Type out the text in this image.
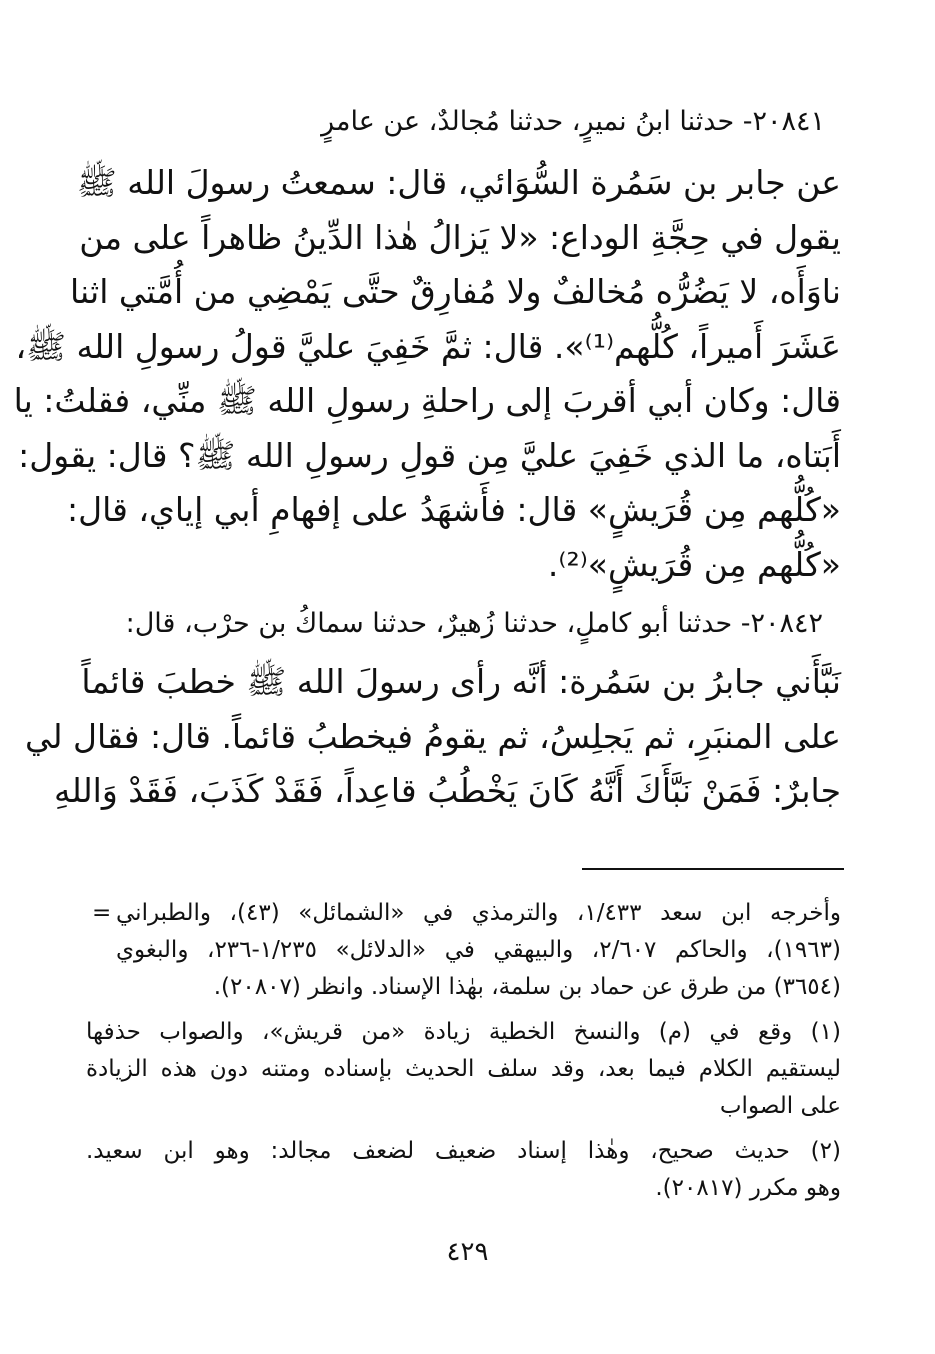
٢٠٨٤١- حدثنا ابنُ نميرٍ، حدثنا مُجالدٌ، عن عامرٍ
عن جابر بن سَمُرة السُّوَائي، قال: سمعتُ رسولَ الله ﷺ
يقول في حِجَّةِ الوداع: «لا يَزالُ هٰذا الدِّينُ ظاهراً على من
ناوَأَه، لا يَضُرُّه مُخالفٌ ولا مُفارِقٌ حتَّى يَمْضِي من أُمَّتي اثنا
عَشَرَ أَميراً، كُلُّهم⁽¹⁾». قال: ثمَّ خَفِيَ عليَّ قولُ رسولِ الله ﷺ،
قال: وكان أبي أقربَ إلى راحلةِ رسولِ الله ﷺ منِّي، فقلتُ: يا
أَبَتاه، ما الذي خَفِيَ عليَّ مِن قولِ رسولِ الله ﷺ؟ قال: يقول:
«كُلُّهم مِن قُرَيشٍ» قال: فأَشهَدُ على إفهامِ أبي إياي، قال:
«كُلُّهم مِن قُرَيشٍ»⁽²⁾.
٢٠٨٤٢- حدثنا أبو كاملٍ، حدثنا زُهيرٌ، حدثنا سماكُ بن حرْب، قال:
نَبَّأَني جابرُ بن سَمُرة: أنَّه رأى رسولَ الله ﷺ خطبَ قائماً
على المنبَرِ، ثم يَجلِسُ، ثم يقومُ فيخطبُ قائماً. قال: فقال لي
جابرٌ: فَمَنْ نَبَّأَكَ أَنَّهُ كَانَ يَخْطُبُ قاعِداً، فَقَدْ كَذَبَ، فَقَدْ وَاللهِ
= وأخرجه ابن سعد ١/٤٣٣، والترمذي في «الشمائل» (٤٣)، والطبراني
(١٩٦٣)، والحاكم ٢/٦٠٧، والبيهقي في «الدلائل» ١/٢٣٥-٢٣٦، والبغوي
(٣٦٥٤) من طرق عن حماد بن سلمة، بهٰذا الإسناد. وانظر (٢٠٨٠٧).
(١) وقع في (م) والنسخ الخطية زيادة «من قريش»، والصواب حذفها
ليستقيم الكلام فيما بعد، وقد سلف الحديث بإسناده ومتنه دون هذه الزيادة
على الصواب
(٢) حديث صحيح، وهٰذا إسناد ضعيف لضعف مجالد: وهو ابن سعيد.
وهو مكرر (٢٠٨١٧).
٤٢٩
